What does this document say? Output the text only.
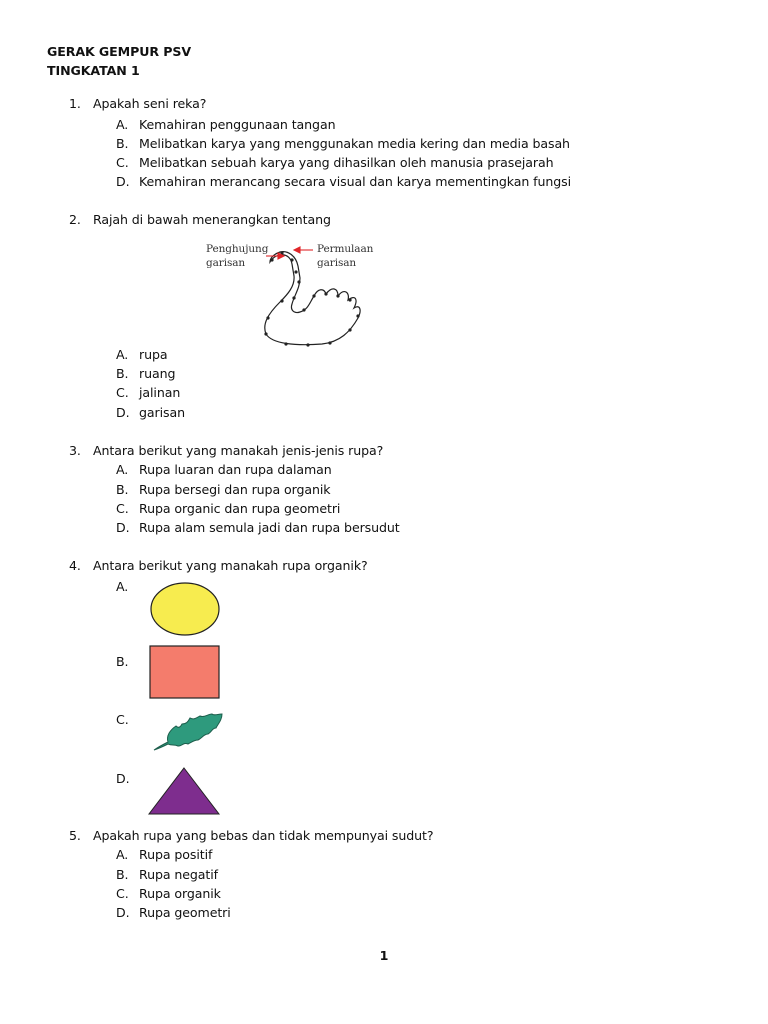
GERAK GEMPUR PSV
TINGKATAN 1
1. Apakah seni reka?
A. Kemahiran penggunaan tangan
B. Melibatkan karya yang menggunakan media kering dan media basah
C. Melibatkan sebuah karya yang dihasilkan oleh manusia prasejarah
D. Kemahiran merancang secara visual dan karya mementingkan fungsi
2. Rajah di bawah menerangkan tentang
Penghujung
garisan
Permulaan
garisan
A. rupa
B. ruang
C. jalinan
D. garisan
3. Antara berikut yang manakah jenis-jenis rupa?
A. Rupa luaran dan rupa dalaman
B. Rupa bersegi dan rupa organik
C. Rupa organic dan rupa geometri
D. Rupa alam semula jadi dan rupa bersudut
4. Antara berikut yang manakah rupa organik?
A.
B.
C.
D.
5. Apakah rupa yang bebas dan tidak mempunyai sudut?
A. Rupa positif
B. Rupa negatif
C. Rupa organik
D. Rupa geometri
1
